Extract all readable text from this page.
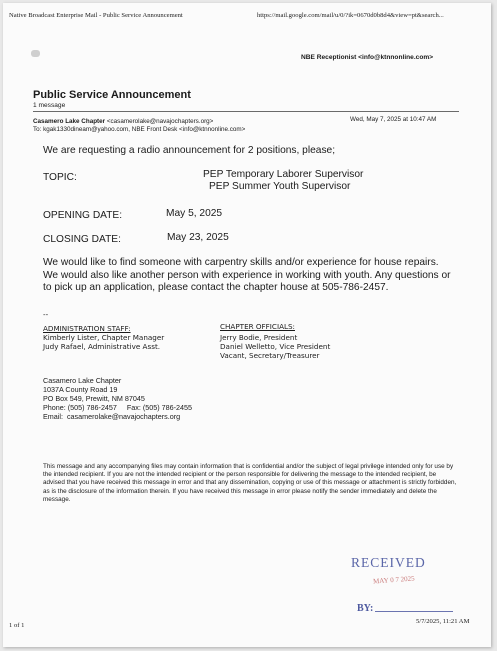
Native Broadcast Enterprise Mail - Public Service Announcement	https://mail.google.com/mail/u/0/?ik=0670d0b8d4&view=pt&search...
NBE Receptionist <info@ktnnonline.com>
Public Service Announcement
1 message
Casamero Lake Chapter <casamerolake@navajochapters.org>	Wed, May 7, 2025 at 10:47 AM
To: kgak1330dineam@yahoo.com, NBE Front Desk <info@ktnnonline.com>
We are requesting a radio announcement for 2 positions, please;
TOPIC:	PEP Temporary Laborer Supervisor
PEP Summer Youth Supervisor
OPENING DATE:	May 5, 2025
CLOSING DATE:	May 23, 2025
We would like to find someone with carpentry skills and/or experience for house repairs. We would also like another person with experience in working with youth. Any questions or to pick up an application, please contact the chapter house at 505-786-2457.
--
ADMINISTRATION STAFF:
Kimberly Lister, Chapter Manager
Judy Rafael, Administrative Asst.
CHAPTER OFFICIALS:
Jerry Bodie, President
Daniel Welletto, Vice President
Vacant, Secretary/Treasurer
Casamero Lake Chapter
1037A County Road 19
PO Box 549, Prewitt, NM 87045
Phone: (505) 786-2457     Fax: (505) 786-2455
Email:  casamerolake@navajochapters.org
This message and any accompanying files may contain information that is confidential and/or the subject of legal privilege intended only for use by the intended recipient. If you are not the intended recipient or the person responsible for delivering the message to the intended recipient, be advised that you have received this message in error and that any dissemination, copying or use of this message or attachment is strictly forbidden, as is the disclosure of the information therein. If you have received this message in error please notify the sender immediately and delete the message.
RECEIVED
MAY 0 7 2025
BY:
1 of 1
5/7/2025, 11:21 AM
